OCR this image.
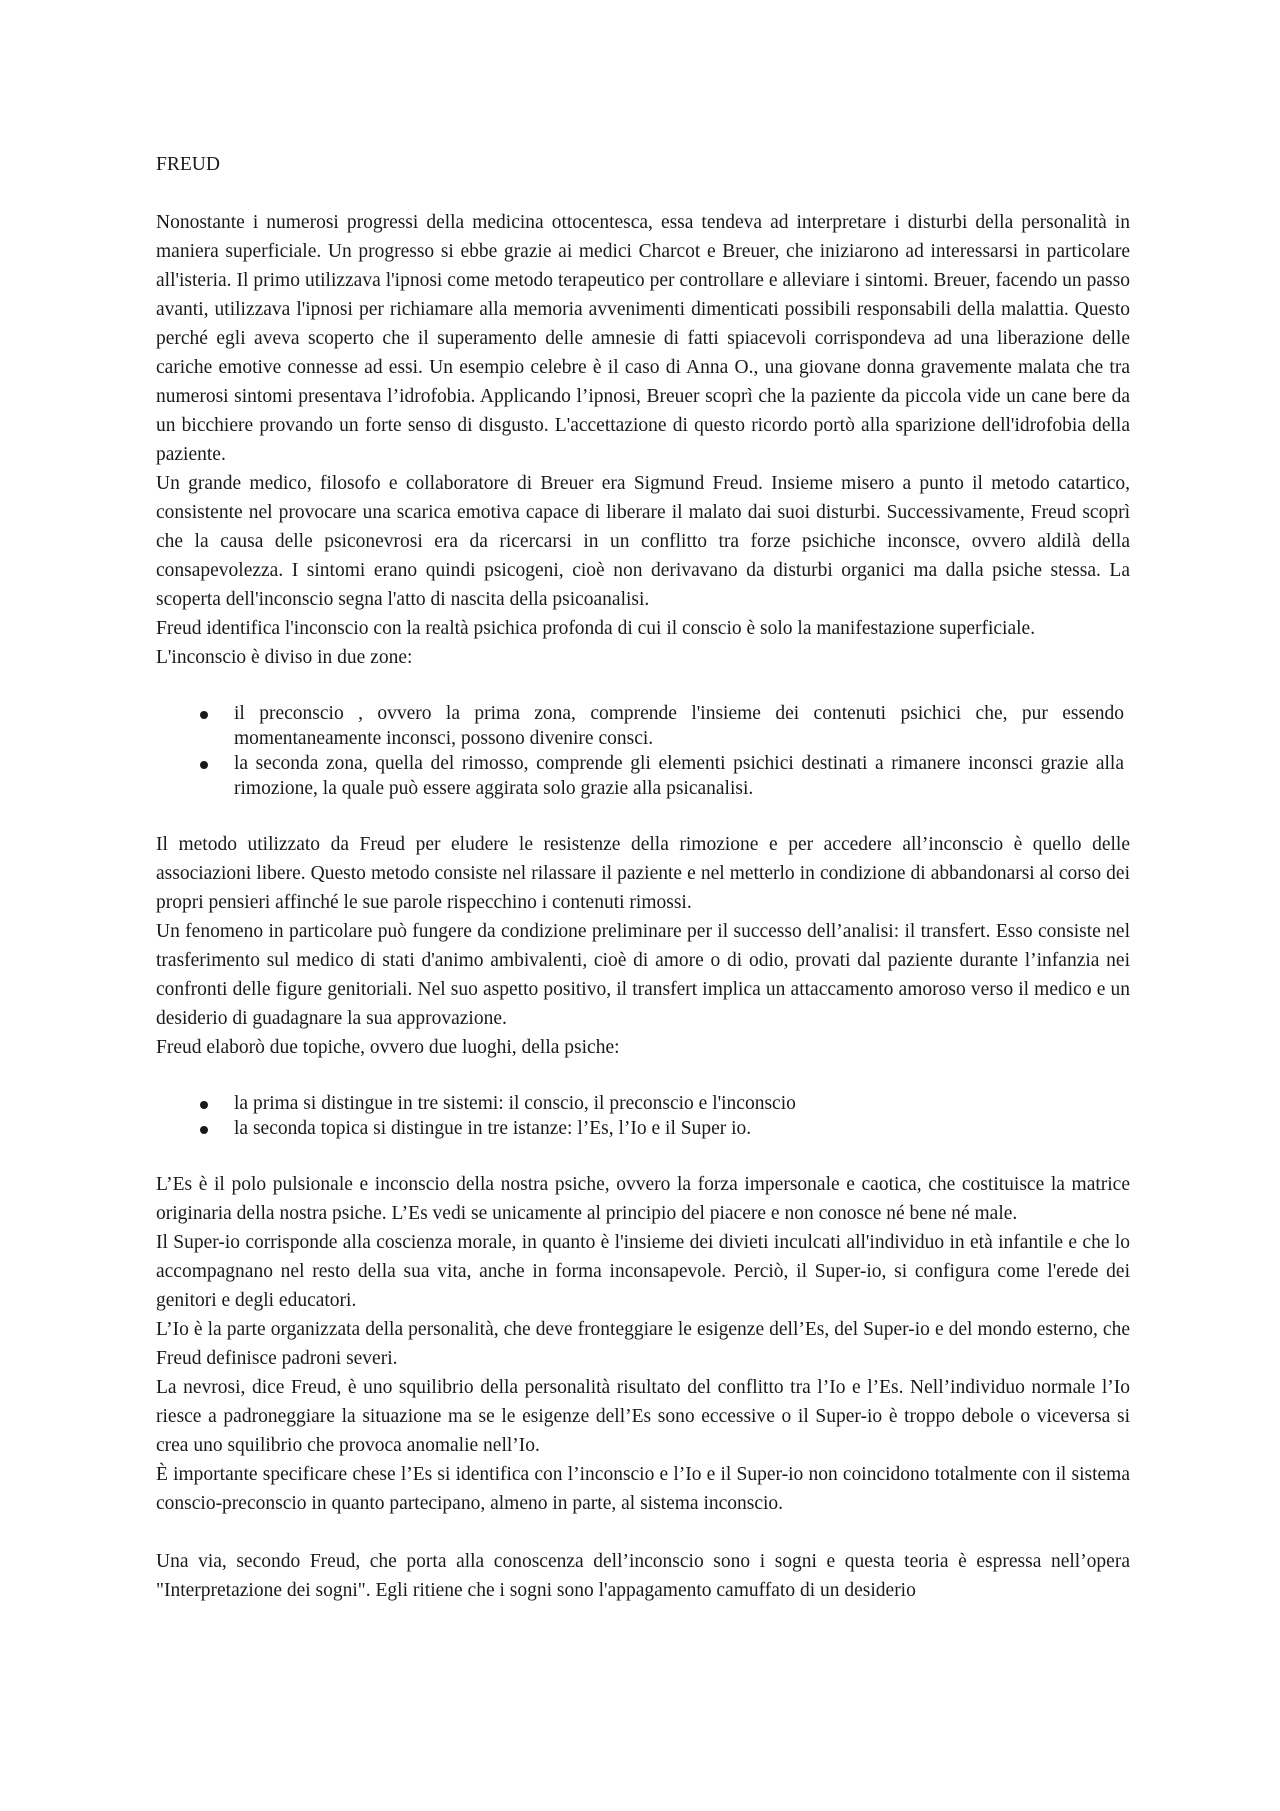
FREUD

Nonostante i numerosi progressi della medicina ottocentesca, essa tendeva ad interpretare i disturbi della personalità in maniera superficiale. Un progresso si ebbe grazie ai medici Charcot e Breuer, che iniziarono ad interessarsi in particolare all'isteria. Il primo utilizzava l'ipnosi come metodo terapeutico per controllare e alleviare i sintomi. Breuer, facendo un passo avanti, utilizzava l'ipnosi per richiamare alla memoria avvenimenti dimenticati possibili responsabili della malattia. Questo perché egli aveva scoperto che il superamento delle amnesie di fatti spiacevoli corrispondeva ad una liberazione delle cariche emotive connesse ad essi. Un esempio celebre è il caso di Anna O., una giovane donna gravemente malata che tra numerosi sintomi presentava l’idrofobia. Applicando l’ipnosi, Breuer scoprì che la paziente da piccola vide un cane bere da un bicchiere provando un forte senso di disgusto. L'accettazione di questo ricordo portò alla sparizione dell'idrofobia della paziente.

Un grande medico, filosofo e collaboratore di Breuer era Sigmund Freud. Insieme misero a punto il metodo catartico, consistente nel provocare una scarica emotiva capace di liberare il malato dai suoi disturbi. Successivamente, Freud scoprì che la causa delle psiconevrosi era da ricercarsi in un conflitto tra forze psichiche inconsce, ovvero aldilà della consapevolezza. I sintomi erano quindi psicogeni, cioè non derivavano da disturbi organici ma dalla psiche stessa. La scoperta dell'inconscio segna l'atto di nascita della psicoanalisi.

Freud identifica l'inconscio con la realtà psichica profonda di cui il conscio è solo la manifestazione superficiale.

L'inconscio è diviso in due zone:

il preconscio , ovvero la prima zona, comprende l'insieme dei contenuti psichici che, pur essendo momentaneamente inconsci, possono divenire consci.
la seconda zona, quella del rimosso, comprende gli elementi psichici destinati a rimanere inconsci grazie alla rimozione, la quale può essere aggirata solo grazie alla psicanalisi.

Il metodo utilizzato da Freud per eludere le resistenze della rimozione e per accedere all’inconscio è quello delle associazioni libere. Questo metodo consiste nel rilassare il paziente e nel metterlo in condizione di abbandonarsi al corso dei propri pensieri affinché le sue parole rispecchino i contenuti rimossi.

Un fenomeno in particolare può fungere da condizione preliminare per il successo dell’analisi: il transfert. Esso consiste nel trasferimento sul medico di stati d'animo ambivalenti, cioè di amore o di odio, provati dal paziente durante l’infanzia nei confronti delle figure genitoriali. Nel suo aspetto positivo, il transfert implica un attaccamento amoroso verso il medico e un desiderio di guadagnare la sua approvazione.

Freud elaborò due topiche, ovvero due luoghi, della psiche:

la prima si distingue in tre sistemi: il conscio, il preconscio e l'inconscio
la seconda topica si distingue in tre istanze: l’Es, l’Io e il Super io.

L’Es è il polo pulsionale e inconscio della nostra psiche, ovvero la forza impersonale e caotica, che costituisce la matrice originaria della nostra psiche. L’Es vedi se unicamente al principio del piacere e non conosce né bene né male.

Il Super-io corrisponde alla coscienza morale, in quanto è l'insieme dei divieti inculcati all'individuo in età infantile e che lo accompagnano nel resto della sua vita, anche in forma inconsapevole. Perciò, il Super-io, si configura come l'erede dei genitori e degli educatori.

L’Io è la parte organizzata della personalità, che deve fronteggiare le esigenze dell’Es, del Super-io e del mondo esterno, che Freud definisce padroni severi.

La nevrosi, dice Freud, è uno squilibrio della personalità risultato del conflitto tra l’Io e l’Es. Nell’individuo normale l’Io riesce a padroneggiare la situazione ma se le esigenze dell’Es sono eccessive o il Super-io è troppo debole o viceversa si crea uno squilibrio che provoca anomalie nell’Io.

È importante specificare chese l’Es si identifica con l’inconscio e l’Io e il Super-io non coincidono totalmente con il sistema conscio-preconscio in quanto partecipano, almeno in parte, al sistema inconscio.

Una via, secondo Freud, che porta alla conoscenza dell’inconscio sono i sogni e questa teoria è espressa nell’opera "Interpretazione dei sogni". Egli ritiene che i sogni sono l'appagamento camuffato di un desiderio
